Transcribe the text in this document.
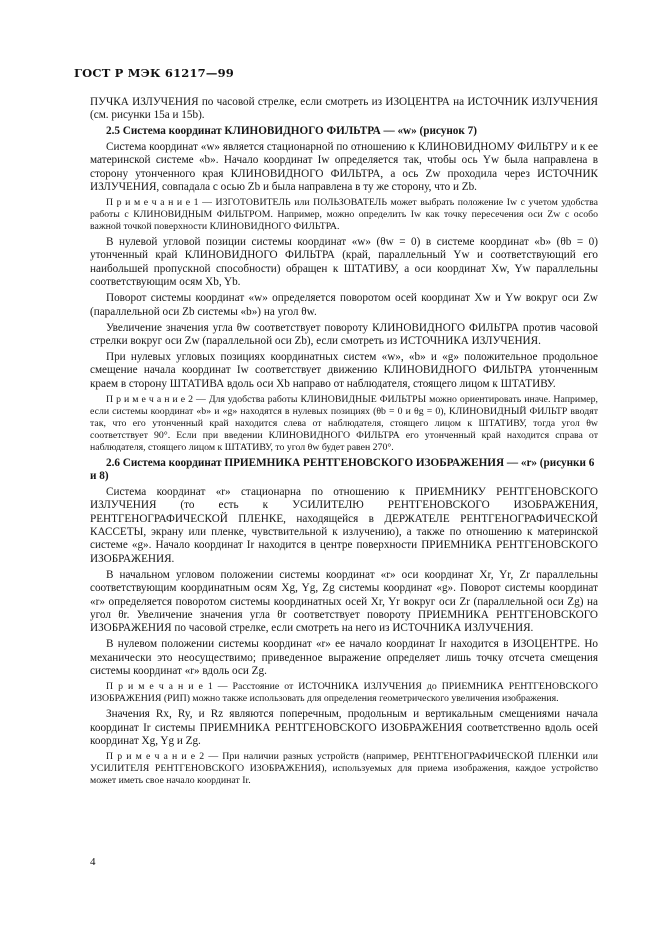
ГОСТ Р МЭК 61217—99

ПУЧКА ИЗЛУЧЕНИЯ по часовой стрелке, если смотреть из ИЗОЦЕНТРА на ИСТОЧНИК ИЗЛУЧЕНИЯ (см. рисунки 15a и 15b).

2.5 Система координат КЛИНОВИДНОГО ФИЛЬТРА — «w» (рисунок 7)

Система координат «w» является стационарной по отношению к КЛИНОВИДНОМУ ФИЛЬТРУ и к ее материнской системе «b». Начало координат Iw определяется так, чтобы ось Yw была направлена в сторону утонченного края КЛИНОВИДНОГО ФИЛЬТРА, а ось Zw проходила через ИСТОЧНИК ИЗЛУЧЕНИЯ, совпадала с осью Zb и была направлена в ту же сторону, что и Zb.

П р и м е ч а н и е 1 — ИЗГОТОВИТЕЛЬ или ПОЛЬЗОВАТЕЛЬ может выбрать положение Iw с учетом удобства работы с КЛИНОВИДНЫМ ФИЛЬТРОМ. Например, можно определить Iw как точку пересечения оси Zw с особо важной точкой поверхности КЛИНОВИДНОГО ФИЛЬТРА.

В нулевой угловой позиции системы координат «w» (θw = 0) в системе координат «b» (θb = 0) утонченный край КЛИНОВИДНОГО ФИЛЬТРА (край, параллельный Yw и соответствующий его наибольшей пропускной способности) обращен к ШТАТИВУ, а оси координат Xw, Yw параллельны соответствующим осям Xb, Yb.

Поворот системы координат «w» определяется поворотом осей координат Xw и Yw вокруг оси Zw (параллельной оси Zb системы «b») на угол θw.

Увеличение значения угла θw соответствует повороту КЛИНОВИДНОГО ФИЛЬТРА против часовой стрелки вокруг оси Zw (параллельной оси Zb), если смотреть из ИСТОЧНИКА ИЗЛУЧЕНИЯ.

При нулевых угловых позициях координатных систем «w», «b» и «g» положительное продольное смещение начала координат Iw соответствует движению КЛИНОВИДНОГО ФИЛЬТРА утонченным краем в сторону ШТАТИВА вдоль оси Xb направо от наблюдателя, стоящего лицом к ШТАТИВУ.

П р и м е ч а н и е 2 — Для удобства работы КЛИНОВИДНЫЕ ФИЛЬТРЫ можно ориентировать иначе. Например, если системы координат «b» и «g» находятся в нулевых позициях (θb = 0 и θg = 0), КЛИНОВИДНЫЙ ФИЛЬТР вводят так, что его утонченный край находится слева от наблюдателя, стоящего лицом к ШТАТИВУ, тогда угол θw соответствует 90°. Если при введении КЛИНОВИДНОГО ФИЛЬТРА его утонченный край находится справа от наблюдателя, стоящего лицом к ШТАТИВУ, то угол θw будет равен 270°.

2.6 Система координат ПРИЕМНИКА РЕНТГЕНОВСКОГО ИЗОБРАЖЕНИЯ — «r» (рисунки 6 и 8)

Система координат «r» стационарна по отношению к ПРИЕМНИКУ РЕНТГЕНОВСКОГО ИЗЛУЧЕНИЯ (то есть к УСИЛИТЕЛЮ РЕНТГЕНОВСКОГО ИЗОБРАЖЕНИЯ, РЕНТГЕНОГРАФИЧЕСКОЙ ПЛЕНКЕ, находящейся в ДЕРЖАТЕЛЕ РЕНТГЕНОГРАФИЧЕСКОЙ КАССЕТЫ, экрану или пленке, чувствительной к излучению), а также по отношению к материнской системе «g». Начало координат Ir находится в центре поверхности ПРИЕМНИКА РЕНТГЕНОВСКОГО ИЗОБРАЖЕНИЯ.

В начальном угловом положении системы координат «r» оси координат Xr, Yr, Zr параллельны соответствующим координатным осям Xg, Yg, Zg системы координат «g». Поворот системы координат «r» определяется поворотом системы координатных осей Xr, Yr вокруг оси Zr (параллельной оси Zg) на угол θr. Увеличение значения угла θr соответствует повороту ПРИЕМНИКА РЕНТГЕНОВСКОГО ИЗОБРАЖЕНИЯ по часовой стрелке, если смотреть на него из ИСТОЧНИКА ИЗЛУЧЕНИЯ.

В нулевом положении системы координат «r» ее начало координат Ir находится в ИЗОЦЕНТРЕ. Но механически это неосуществимо; приведенное выражение определяет лишь точку отсчета смещения системы координат «r» вдоль оси Zg.

П р и м е ч а н и е 1 — Расстояние от ИСТОЧНИКА ИЗЛУЧЕНИЯ до ПРИЕМНИКА РЕНТГЕНОВСКОГО ИЗОБРАЖЕНИЯ (РИП) можно также использовать для определения геометрического увеличения изображения.

Значения Rx, Ry, и Rz являются поперечным, продольным и вертикальным смещениями начала координат Ir системы ПРИЕМНИКА РЕНТГЕНОВСКОГО ИЗОБРАЖЕНИЯ соответственно вдоль осей координат Xg, Yg и Zg.

П р и м е ч а н и е 2 — При наличии разных устройств (например, РЕНТГЕНОГРАФИЧЕСКОЙ ПЛЕНКИ или УСИЛИТЕЛЯ РЕНТГЕНОВСКОГО ИЗОБРАЖЕНИЯ), используемых для приема изображения, каждое устройство может иметь свое начало координат Ir.

4
